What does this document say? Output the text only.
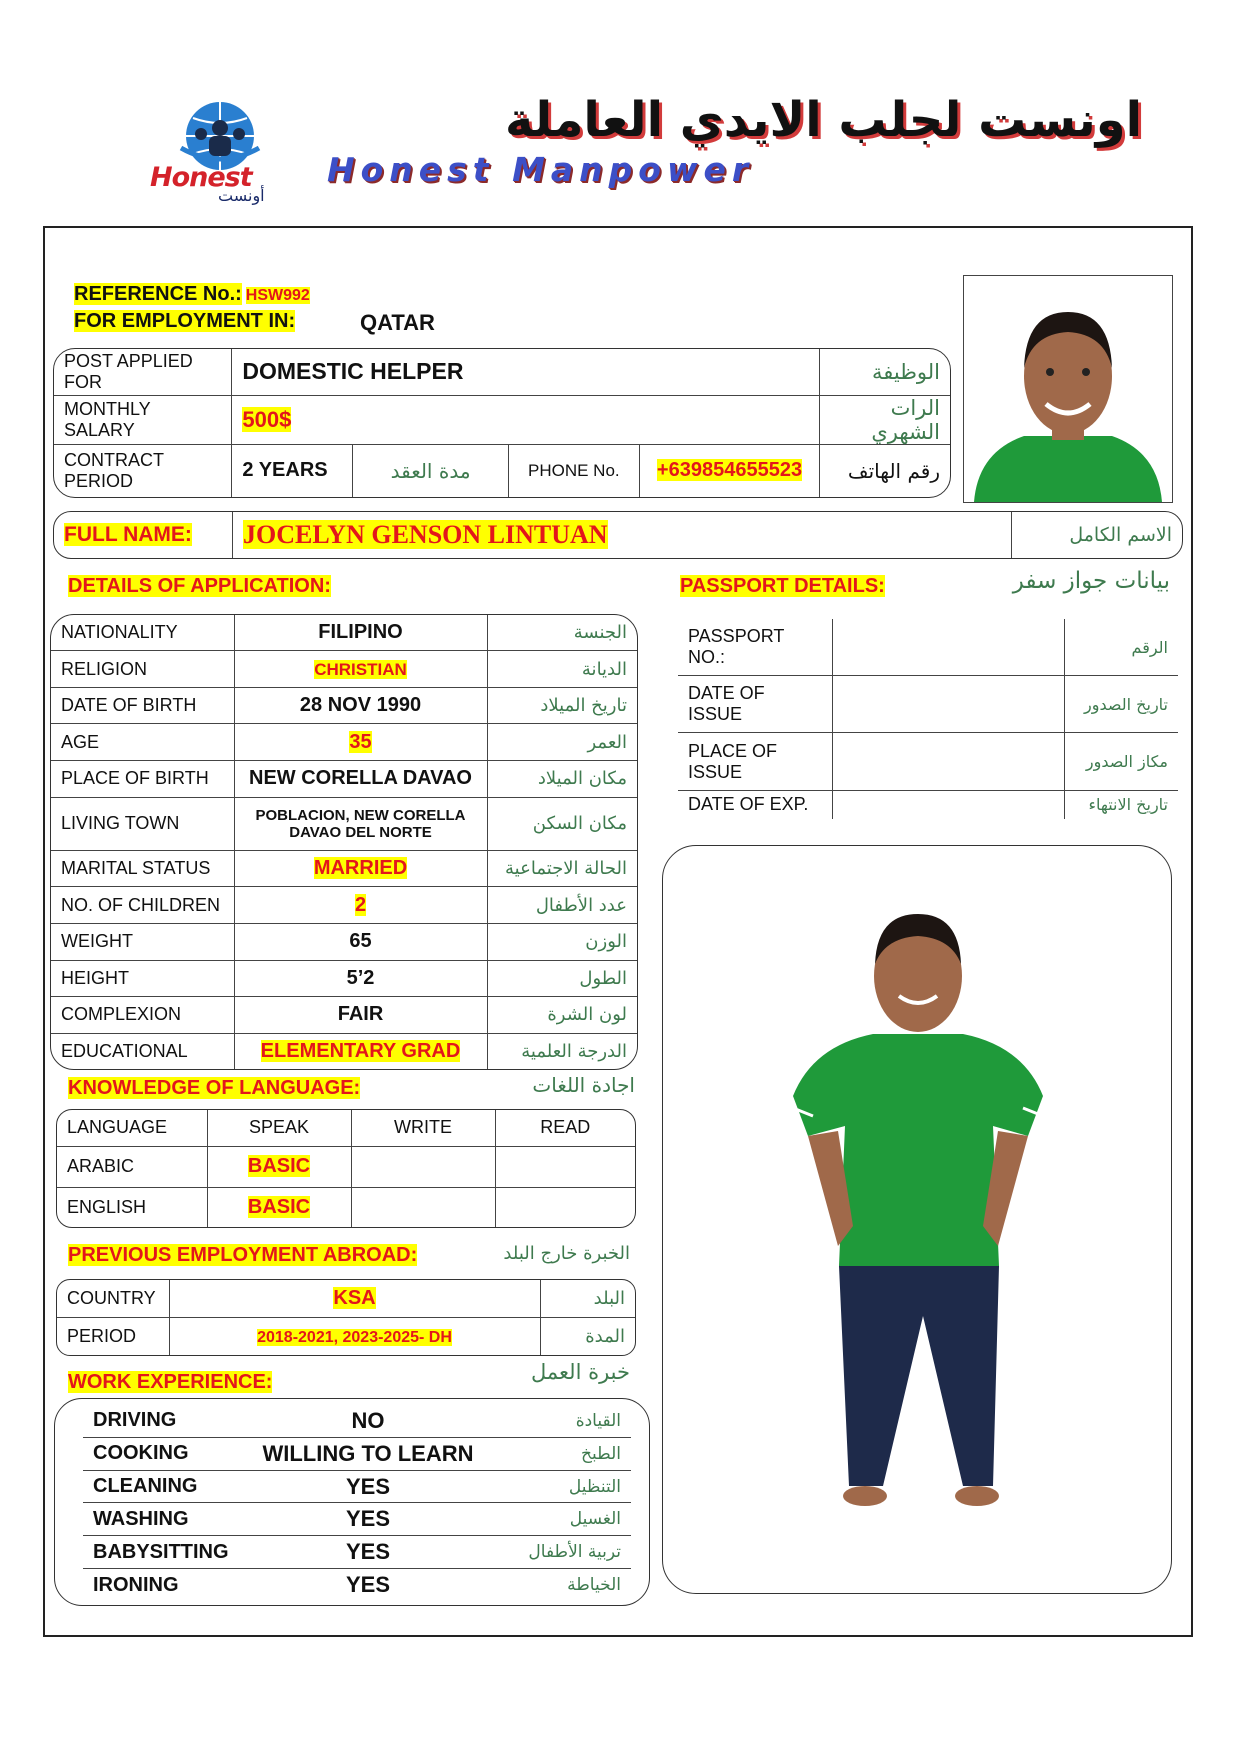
Honest
أونست
اونست لجلب الايدي العاملة
Honest Manpower
REFERENCE No.: HSW992
FOR EMPLOYMENT IN:	QATAR
POST APPLIED FOR	DOMESTIC HELPER				الوظيفة
MONTHLY SALARY	500$				الرات الشهري
CONTRACT PERIOD	2 YEARS	مدة العقد	PHONE No.	+639854655523	رقم الهاتف
FULL NAME:	JOCELYN GENSON LINTUAN	الاسم الكامل
DETAILS OF APPLICATION:	PASSPORT DETAILS:	بيانات جواز سفر
NATIONALITY	FILIPINO	الجنسة
RELIGION	CHRISTIAN	الديانة
DATE OF BIRTH	28 NOV 1990	تاريخ الميلاد
AGE	35	العمر
PLACE OF BIRTH	NEW CORELLA DAVAO	مكان الميلاد
LIVING TOWN	POBLACION, NEW CORELLA DAVAO DEL NORTE	مكان السكن
MARITAL STATUS	MARRIED	الحالة الاجتماعية
NO. OF CHILDREN	2	عدد الأطفال
WEIGHT	65	الوزن
HEIGHT	5’2	الطول
COMPLEXION	FAIR	لون الشرة
EDUCATIONAL	ELEMENTARY GRAD	الدرجة العلمية
PASSPORT NO.:		الرقم
DATE OF ISSUE		تاريخ الصدور
PLACE OF ISSUE		مكاز الصدور
DATE OF EXP.		تاريخ الانتهاء
KNOWLEDGE OF LANGUAGE:	اجادة اللغات
LANGUAGE	SPEAK	WRITE	READ
ARABIC	BASIC		
ENGLISH	BASIC		
PREVIOUS EMPLOYMENT ABROAD:	الخبرة خارج البلد
COUNTRY	KSA	البلد
PERIOD	2018-2021, 2023-2025- DH	المدة
WORK EXPERIENCE:	خبرة العمل
DRIVING	NO	القيادة
COOKING	WILLING TO LEARN	الطبخ
CLEANING	YES	التنظيل
WASHING	YES	الغسيل
BABYSITTING	YES	تربية الأطفال
IRONING	YES	الخياطة
